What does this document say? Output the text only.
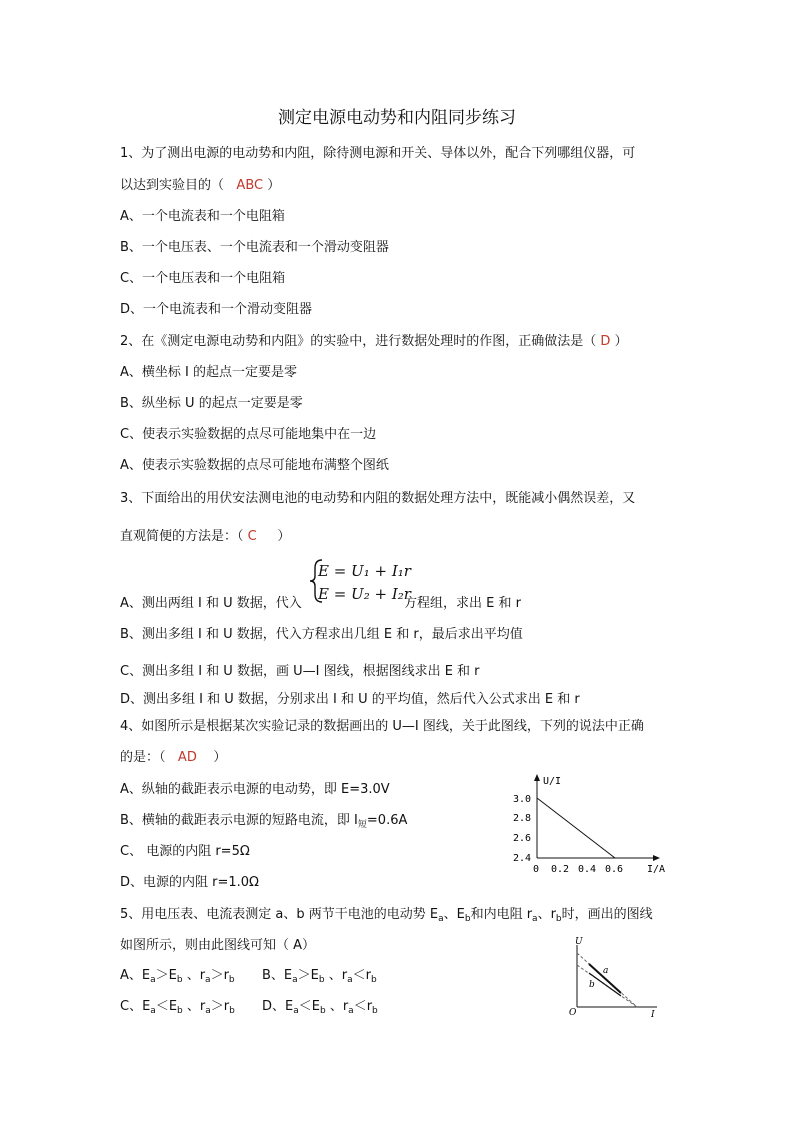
测定电源电动势和内阻同步练习
1、为了测出电源的电动势和内阻，除待测电源和开关、导体以外，配合下列哪组仪器，可
以达到实验目的（ ABC ）
A、一个电流表和一个电阻箱
B、一个电压表、一个电流表和一个滑动变阻器
C、一个电压表和一个电阻箱
D、一个电流表和一个滑动变阻器
2、在《测定电源电动势和内阻》的实验中，进行数据处理时的作图，正确做法是（ D ）
A、横坐标 I 的起点一定要是零
B、纵坐标 U 的起点一定要是零
C、使表示实验数据的点尽可能地集中在一边
A、使表示实验数据的点尽可能地布满整个图纸
3、下面给出的用伏安法测电池的电动势和内阻的数据处理方法中，既能减小偶然误差，又
直观简便的方法是：（ C ）
A、测出两组 I 和 U 数据，代入
E = U₁ + I₁r
E = U₂ + I₂r
方程组，求出 E 和 r
B、测出多组 I 和 U 数据，代入方程求出几组 E 和 r，最后求出平均值
C、测出多组 I 和 U 数据，画 U—I 图线，根据图线求出 E 和 r
D、测出多组 I 和 U 数据，分别求出 I 和 U 的平均值，然后代入公式求出 E 和 r
4、如图所示是根据某次实验记录的数据画出的 U—I 图线，关于此图线，下列的说法中正确
的是：（ AD ）
A、纵轴的截距表示电源的电动势，即 E=3.0V
B、横轴的截距表示电源的短路电流，即 $I_短=0.6A$
C、 电源的内阻 r=5Ω
D、电源的内阻 r=1.0Ω
U/I
I/A
3.0
2.8
2.6
2.4
0 0.2 0.4 0.6
5、用电压表、电流表测定 a、b 两节干电池的电动势 $E_a$、$E_b$和内电阻 $r_a$、$r_b$时，画出的图线
如图所示，则由此图线可知（ A）
A、$E_a>E_b$ 、$r_a>r_b$ B、$E_a>E_b$ 、$r_a<r_b$
C、$E_a<E_b$ 、$r_a>r_b$ D、$E_a<E_b$ 、$r_a<r_b$
U
I
O
a
b
